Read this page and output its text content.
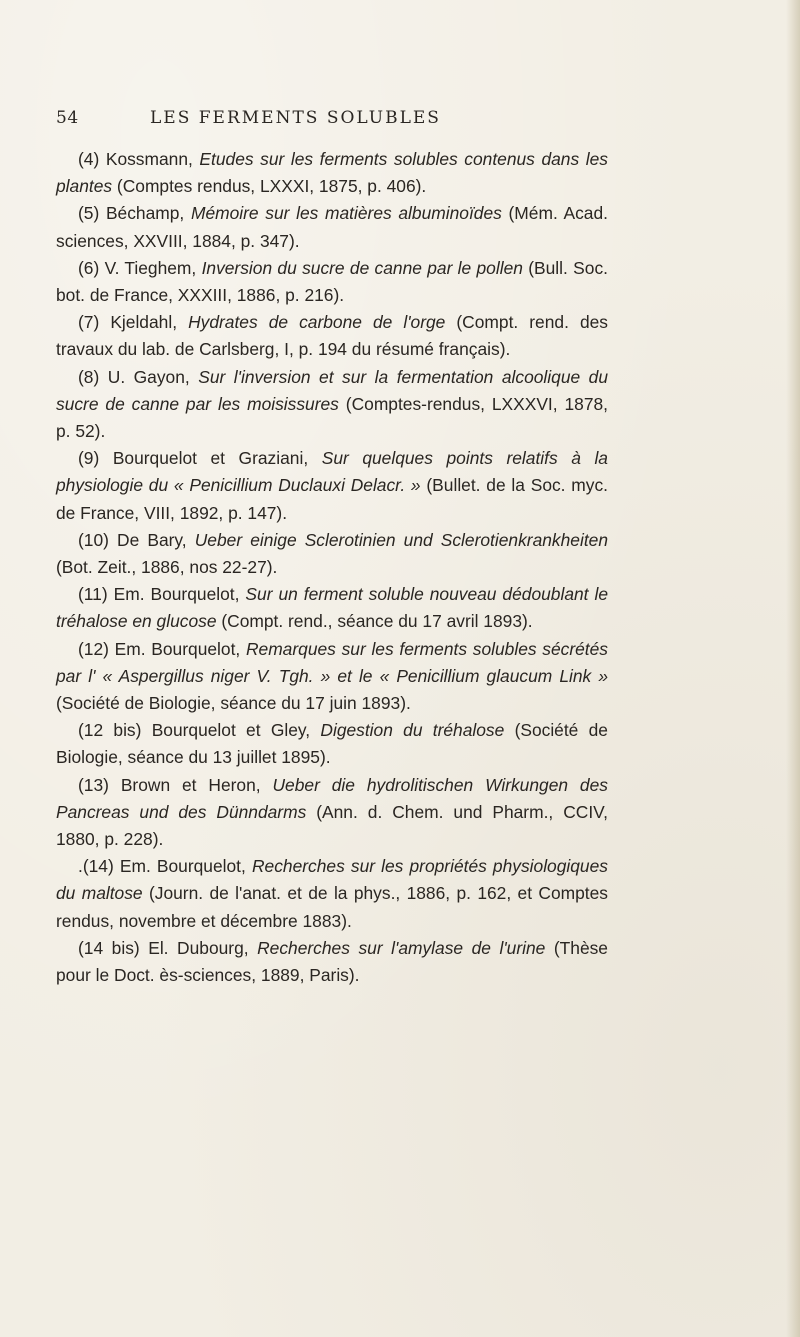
54	LES FERMENTS SOLUBLES
(4) Kossmann, Etudes sur les ferments solubles contenus dans les plantes (Comptes rendus, LXXXI, 1875, p. 406).
(5) Béchamp, Mémoire sur les matières albuminoïdes (Mém. Acad. sciences, XXVIII, 1884, p. 347).
(6) V. Tieghem, Inversion du sucre de canne par le pollen (Bull. Soc. bot. de France, XXXIII, 1886, p. 216).
(7) Kjeldahl, Hydrates de carbone de l'orge (Compt. rend. des travaux du lab. de Carlsberg, I, p. 194 du résumé français).
(8) U. Gayon, Sur l'inversion et sur la fermentation alcoolique du sucre de canne par les moisissures (Comptes-rendus, LXXXVI, 1878, p. 52).
(9) Bourquelot et Graziani, Sur quelques points relatifs à la physiologie du « Penicillium Duclauxi Delacr. » (Bullet. de la Soc. myc. de France, VIII, 1892, p. 147).
(10) De Bary, Ueber einige Sclerotinien und Sclerotienkrankheiten (Bot. Zeit., 1886, nos 22-27).
(11) Em. Bourquelot, Sur un ferment soluble nouveau dédoublant le tréhalose en glucose (Compt. rend., séance du 17 avril 1893).
(12) Em. Bourquelot, Remarques sur les ferments solubles sécrétés par l' « Aspergillus niger V. Tgh. » et le « Penicillium glaucum Link » (Société de Biologie, séance du 17 juin 1893).
(12 bis) Bourquelot et Gley, Digestion du tréhalose (Société de Biologie, séance du 13 juillet 1895).
(13) Brown et Heron, Ueber die hydrolitischen Wirkungen des Pancreas und des Dünndarms (Ann. d. Chem. und Pharm., CCIV, 1880, p. 228).
.(14) Em. Bourquelot, Recherches sur les propriétés physiologiques du maltose (Journ. de l'anat. et de la phys., 1886, p. 162, et Comptes rendus, novembre et décembre 1883).
(14 bis) El. Dubourg, Recherches sur l'amylase de l'urine (Thèse pour le Doct. ès-sciences, 1889, Paris).
